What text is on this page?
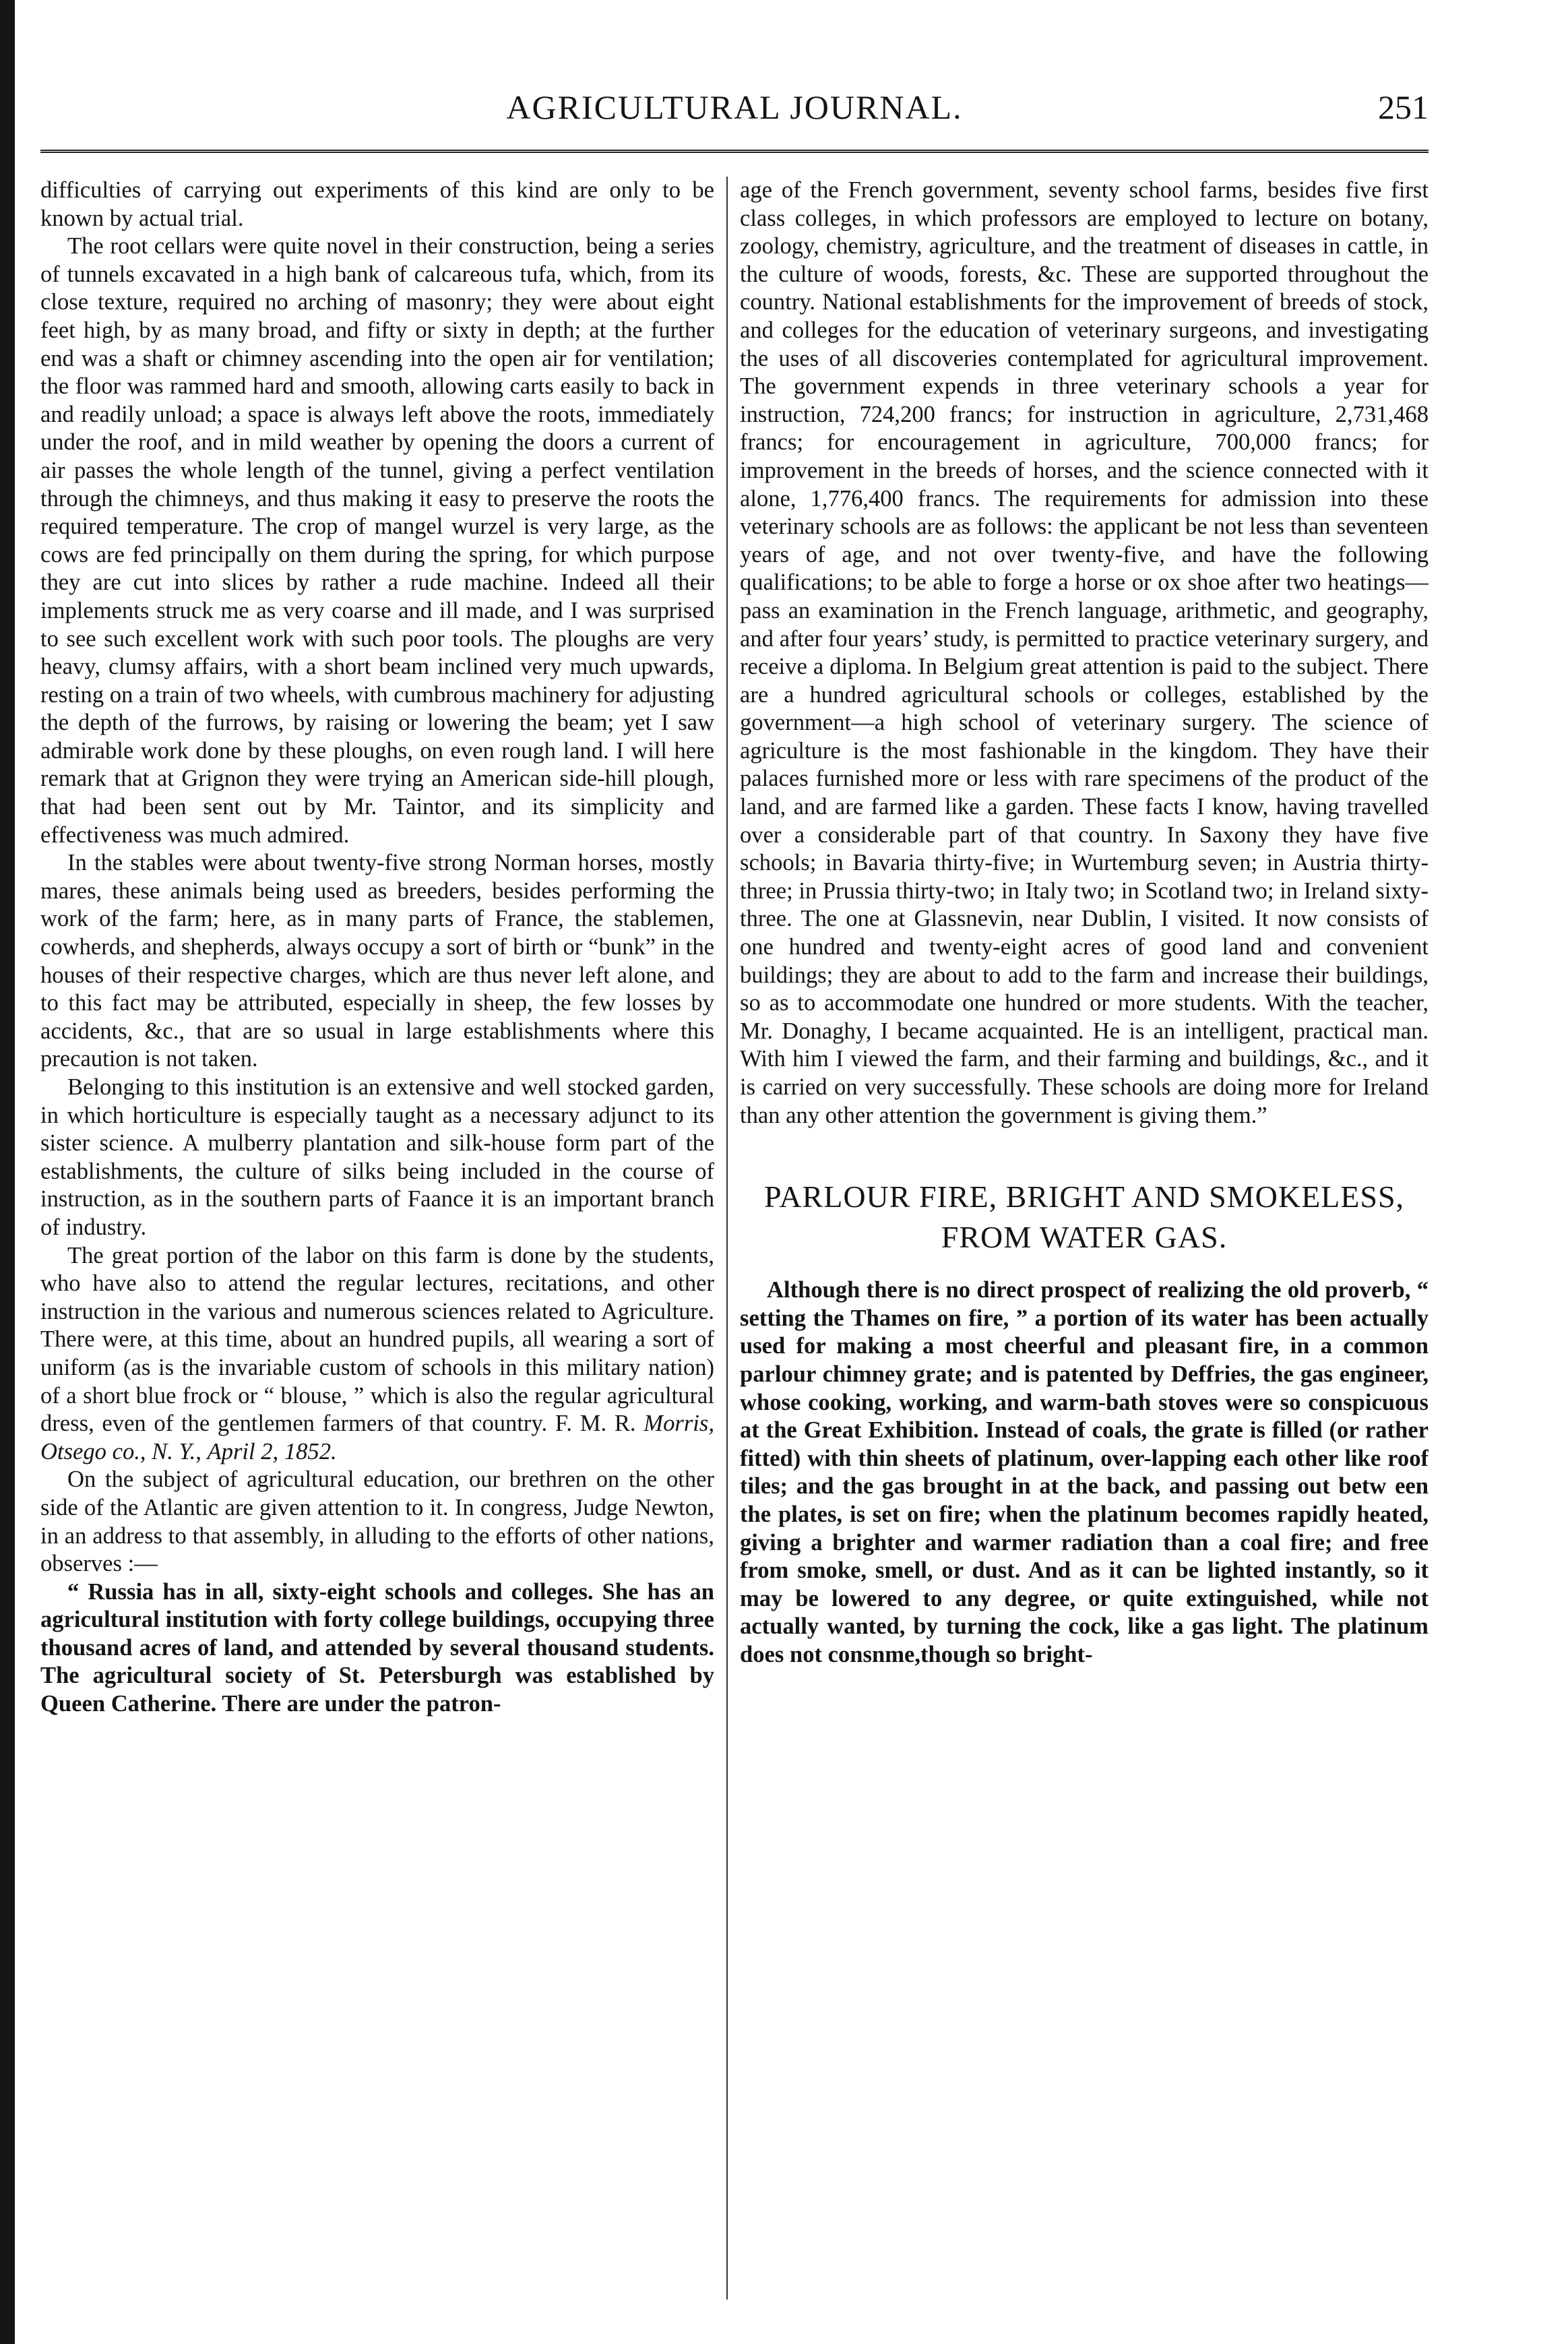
AGRICULTURAL JOURNAL.	251

difficulties of carrying out experiments of this kind are only to be known by actual trial.

The root cellars were quite novel in their construction, being a series of tunnels excavated in a high bank of calcareous tufa, which, from its close texture, required no arching of masonry; they were about eight feet high, by as many broad, and fifty or sixty in depth; at the further end was a shaft or chimney ascending into the open air for ventilation; the floor was rammed hard and smooth, allowing carts easily to back in and readily unload; a space is always left above the roots, immediately under the roof, and in mild weather by opening the doors a current of air passes the whole length of the tunnel, giving a perfect ventilation through the chimneys, and thus making it easy to preserve the roots the required temperature. The crop of mangel wurzel is very large, as the cows are fed principally on them during the spring, for which purpose they are cut into slices by rather a rude machine. Indeed all their implements struck me as very coarse and ill made, and I was surprised to see such excellent work with such poor tools. The ploughs are very heavy, clumsy affairs, with a short beam inclined very much upwards, resting on a train of two wheels, with cumbrous machinery for adjusting the depth of the furrows, by raising or lowering the beam; yet I saw admirable work done by these ploughs, on even rough land. I will here remark that at Grignon they were trying an American side-hill plough, that had been sent out by Mr. Taintor, and its simplicity and effectiveness was much admired.

In the stables were about twenty-five strong Norman horses, mostly mares, these animals being used as breeders, besides performing the work of the farm; here, as in many parts of France, the stablemen, cowherds, and shepherds, always occupy a sort of birth or “bunk” in the houses of their respective charges, which are thus never left alone, and to this fact may be attributed, especially in sheep, the few losses by accidents, &c., that are so usual in large establishments where this precaution is not taken.

Belonging to this institution is an extensive and well stocked garden, in which horticulture is especially taught as a necessary adjunct to its sister science. A mulberry plantation and silk-house form part of the establishments, the culture of silks being included in the course of instruction, as in the southern parts of Faance it is an important branch of industry.

The great portion of the labor on this farm is done by the students, who have also to attend the regular lectures, recitations, and other instruction in the various and numerous sciences related to Agriculture. There were, at this time, about an hundred pupils, all wearing a sort of uniform (as is the invariable custom of schools in this military nation) of a short blue frock or “ blouse, ” which is also the regular agricultural dress, even of the gentlemen farmers of that country. F. M. R. Morris, Otsego co., N. Y., April 2, 1852.

On the subject of agricultural education, our brethren on the other side of the Atlantic are given attention to it. In congress, Judge Newton, in an address to that assembly, in alluding to the efforts of other nations, observes :—

“ Russia has in all, sixty-eight schools and colleges. She has an agricultural institution with forty college buildings, occupying three thousand acres of land, and attended by several thousand students. The agricultural society of St. Petersburgh was established by Queen Catherine. There are under the patron-

age of the French government, seventy school farms, besides five first class colleges, in which professors are employed to lecture on botany, zoology, chemistry, agriculture, and the treatment of diseases in cattle, in the culture of woods, forests, &c. These are supported throughout the country. National establishments for the improvement of breeds of stock, and colleges for the education of veterinary surgeons, and investigating the uses of all discoveries contemplated for agricultural improvement. The government expends in three veterinary schools a year for instruction, 724,200 francs; for instruction in agriculture, 2,731,468 francs; for encouragement in agriculture, 700,000 francs; for improvement in the breeds of horses, and the science connected with it alone, 1,776,400 francs. The requirements for admission into these veterinary schools are as follows: the applicant be not less than seventeen years of age, and not over twenty-five, and have the following qualifications; to be able to forge a horse or ox shoe after two heatings—pass an examination in the French language, arithmetic, and geography, and after four years’ study, is permitted to practice veterinary surgery, and receive a diploma. In Belgium great attention is paid to the subject. There are a hundred agricultural schools or colleges, established by the government—a high school of veterinary surgery. The science of agriculture is the most fashionable in the kingdom. They have their palaces furnished more or less with rare specimens of the product of the land, and are farmed like a garden. These facts I know, having travelled over a considerable part of that country. In Saxony they have five schools; in Bavaria thirty-five; in Wurtemburg seven; in Austria thirty-three; in Prussia thirty-two; in Italy two; in Scotland two; in Ireland sixty-three. The one at Glassnevin, near Dublin, I visited. It now consists of one hundred and twenty-eight acres of good land and convenient buildings; they are about to add to the farm and increase their buildings, so as to accommodate one hundred or more students. With the teacher, Mr. Donaghy, I became acquainted. He is an intelligent, practical man. With him I viewed the farm, and their farming and buildings, &c., and it is carried on very successfully. These schools are doing more for Ireland than any other attention the government is giving them.”

PARLOUR FIRE, BRIGHT AND SMOKELESS, FROM WATER GAS.

Although there is no direct prospect of realizing the old proverb, “ setting the Thames on fire, ” a portion of its water has been actually used for making a most cheerful and pleasant fire, in a common parlour chimney grate; and is patented by Deffries, the gas engineer, whose cooking, working, and warm-bath stoves were so conspicuous at the Great Exhibition. Instead of coals, the grate is filled (or rather fitted) with thin sheets of platinum, over-lapping each other like roof tiles; and the gas brought in at the back, and passing out betw een the plates, is set on fire; when the platinum becomes rapidly heated, giving a brighter and warmer radiation than a coal fire; and free from smoke, smell, or dust. And as it can be lighted instantly, so it may be lowered to any degree, or quite extinguished, while not actually wanted, by turning the cock, like a gas light. The platinum does not consnme,though so bright-
